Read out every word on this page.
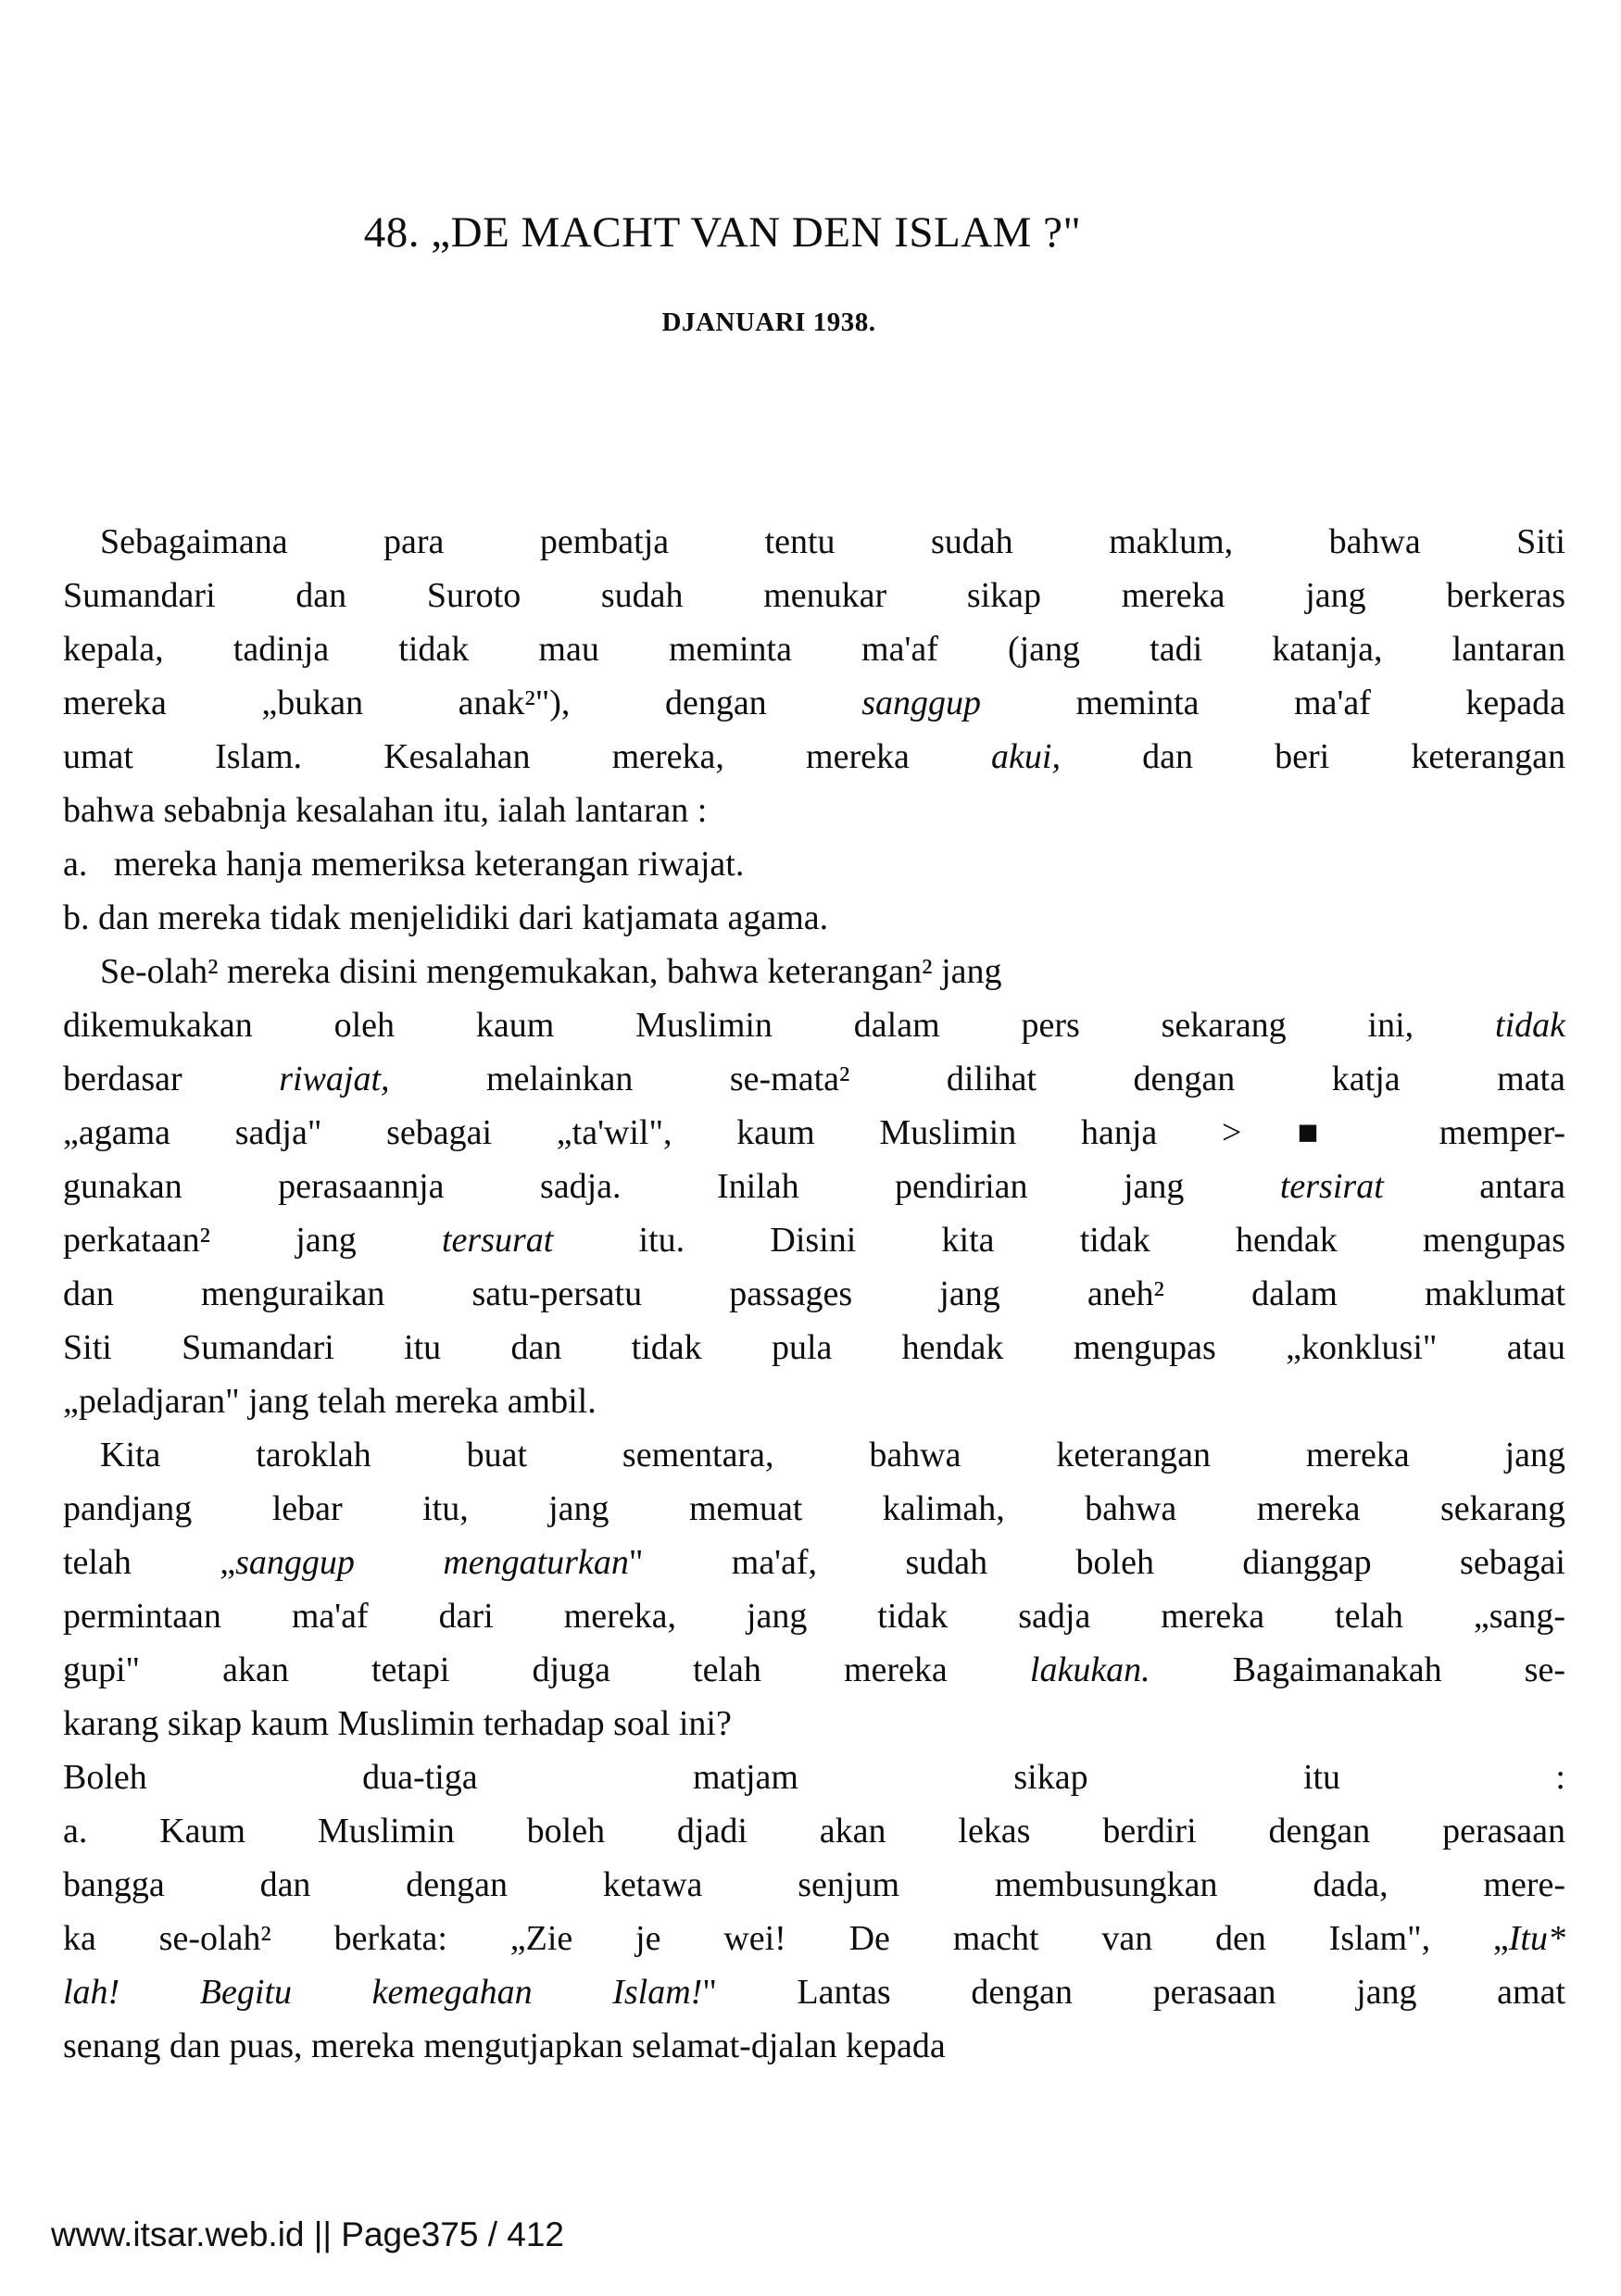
48. „DE MACHT VAN DEN ISLAM ?"
DJANUARI 1938.
Sebagaimana para pembatja tentu sudah maklum, bahwa Siti
Sumandari dan Suroto sudah menukar sikap mereka jang berkeras
kepala, tadinja tidak mau meminta ma'af (jang tadi katanja, lantaran
mereka „bukan anak²"), dengan sanggup meminta ma'af kepada
umat Islam. Kesalahan mereka, mereka akui, dan beri keterangan
bahwa sebabnja kesalahan itu, ialah lantaran :
a.   mereka hanja memeriksa keterangan riwajat.
b. dan mereka tidak menjelidiki dari katjamata agama.
Se-olah² mereka disini mengemukakan, bahwa keterangan² jang
dikemukakan oleh kaum Muslimin dalam pers sekarang ini, tidak
berdasar riwajat, melainkan se-mata² dilihat dengan katja mata
„agama sadja" sebagai „ta'wil", kaum Muslimin hanja >■ memper-
gunakan perasaannja sadja. Inilah pendirian jang tersirat antara
perkataan² jang tersurat itu. Disini kita tidak hendak mengupas
dan menguraikan satu-persatu passages jang aneh² dalam maklumat
Siti Sumandari itu dan tidak pula hendak mengupas „konklusi" atau
„peladjaran" jang telah mereka ambil.
Kita taroklah buat sementara, bahwa keterangan mereka jang
pandjang lebar itu, jang memuat kalimah, bahwa mereka sekarang
telah „sanggup mengaturkan" ma'af, sudah boleh dianggap sebagai
permintaan ma'af dari mereka, jang tidak sadja mereka telah „sang-
gupi" akan tetapi djuga telah mereka lakukan. Bagaimanakah se-
karang sikap kaum Muslimin terhadap soal ini?
Boleh dua-tiga matjam sikap itu :
a. Kaum Muslimin boleh djadi akan lekas berdiri dengan perasaan
bangga dan dengan ketawa senjum membusungkan dada, mere-
ka se-olah² berkata: „Zie je wei! De macht van den Islam", „Itu*
lah! Begitu kemegahan Islam!" Lantas dengan perasaan jang amat
senang dan puas, mereka mengutjapkan selamat-djalan kepada
www.itsar.web.id || Page375 / 412
